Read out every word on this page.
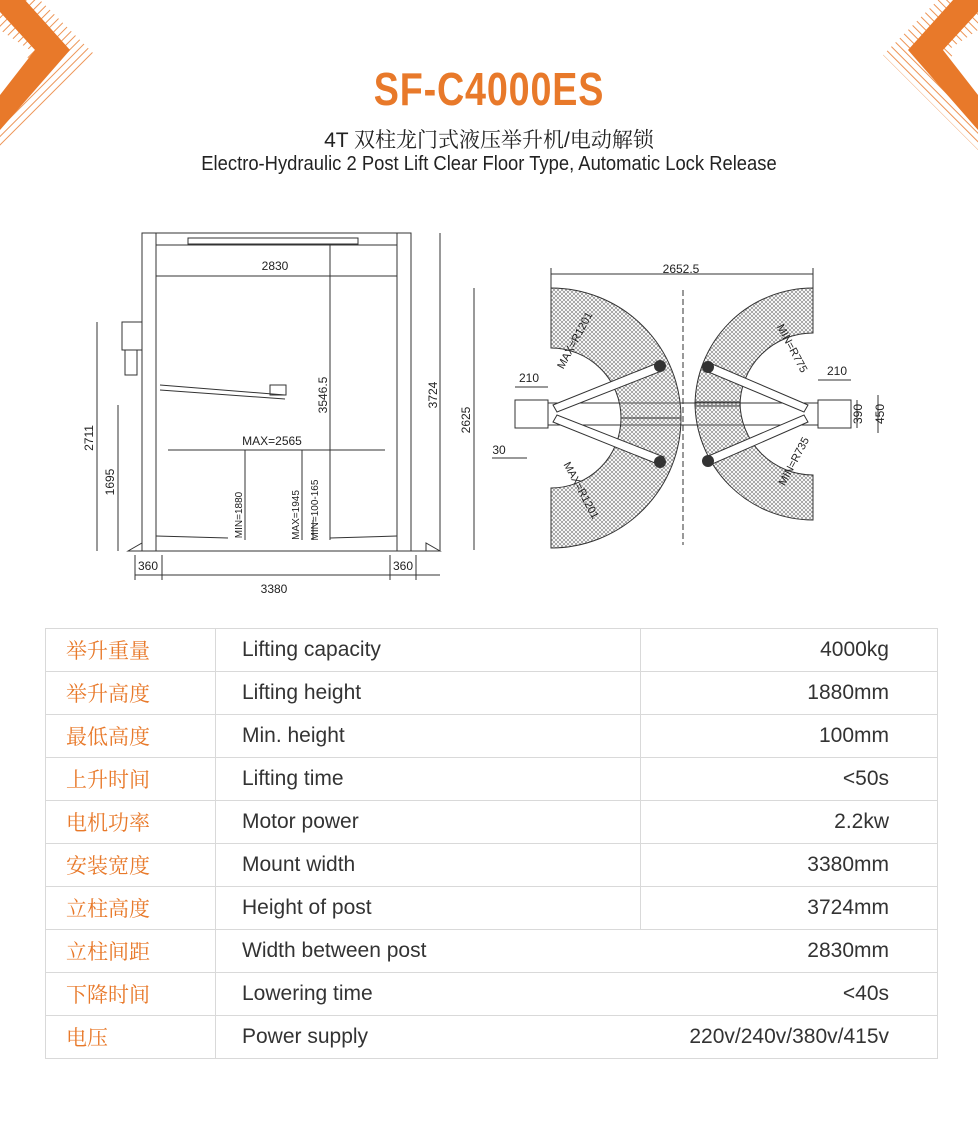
SF-C4000ES
4T 双柱龙门式液压举升机/电动解锁
Electro-Hydraulic 2 Post Lift Clear Floor Type, Automatic Lock Release
2830
MAX=2565
3380
360	360
3724
3546.5
2711
1695
MIN=1880	MAX=1945 MIN=100-165
2652.5
2625
210	210
30
390 450
MAX=R1201
MAX=R1201
MIN=R775
MIN=R735
举升重量	Lifting capacity	4000kg
举升高度	Lifting height	1880mm
最低高度	Min. height	100mm
上升时间	Lifting time	<50s
电机功率	Motor power	2.2kw
安装宽度	Mount width	3380mm
立柱高度	Height of post	3724mm
立柱间距	Width between post	2830mm
下降时间	Lowering time	<40s
电压	Power supply	220v/240v/380v/415v
